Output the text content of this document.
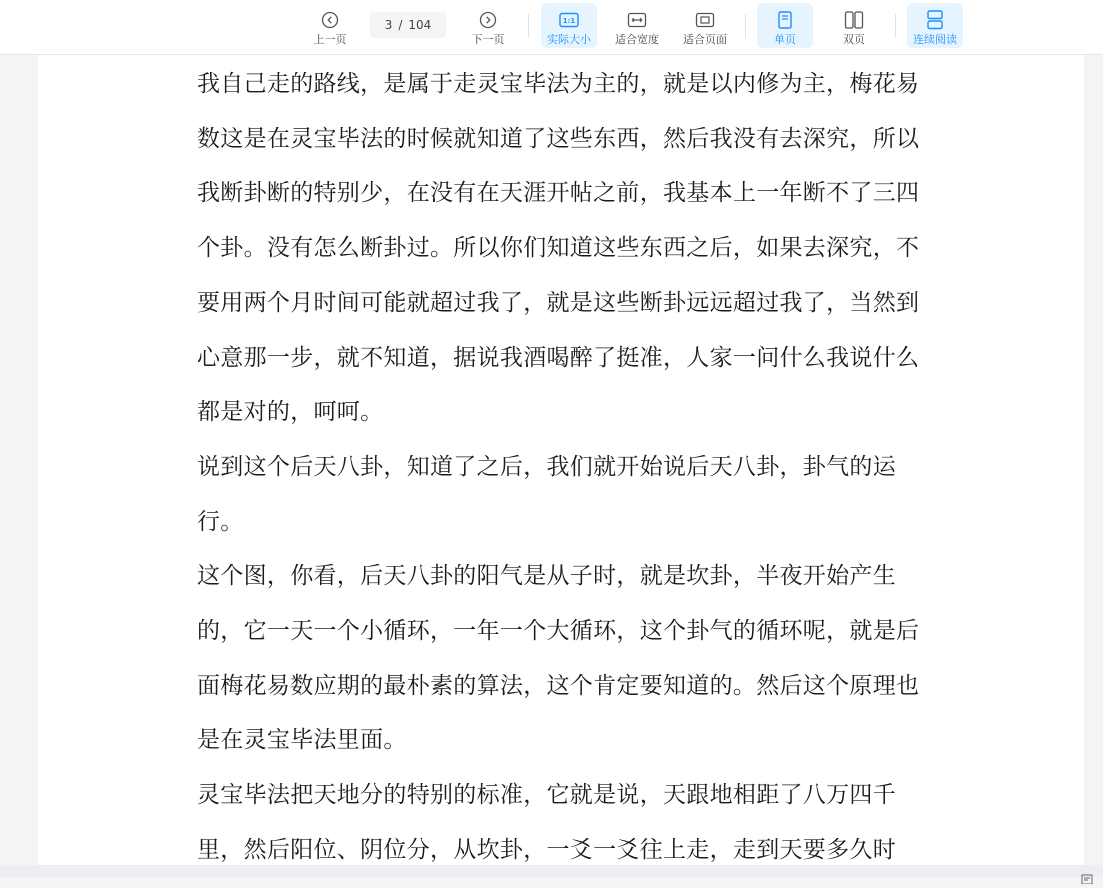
上一页
3 / 104
下一页
1:1
实际大小 适合宽度 适合页面	单页	双页	连续阅读

我自己走的路线，是属于走灵宝毕法为主的，就是以内修为主，梅花易数这是在灵宝毕法的时候就知道了这些东西，然后我没有去深究，所以我断卦断的特别少，在没有在天涯开帖之前，我基本上一年断不了三四个卦。没有怎么断卦过。所以你们知道这些东西之后，如果去深究，不要用两个月时间可能就超过我了，就是这些断卦远远超过我了，当然到心意那一步，就不知道，据说我酒喝醉了挺准，人家一问什么我说什么都是对的，呵呵。

说到这个后天八卦，知道了之后，我们就开始说后天八卦，卦气的运行。

这个图，你看，后天八卦的阳气是从子时，就是坎卦，半夜开始产生的，它一天一个小循环，一年一个大循环，这个卦气的循环呢，就是后面梅花易数应期的最朴素的算法，这个肯定要知道的。然后这个原理也是在灵宝毕法里面。

灵宝毕法把天地分的特别的标准，它就是说，天跟地相距了八万四千里，然后阳位、阴位分，从坎卦，一爻一爻往上走，走到天要多久时
